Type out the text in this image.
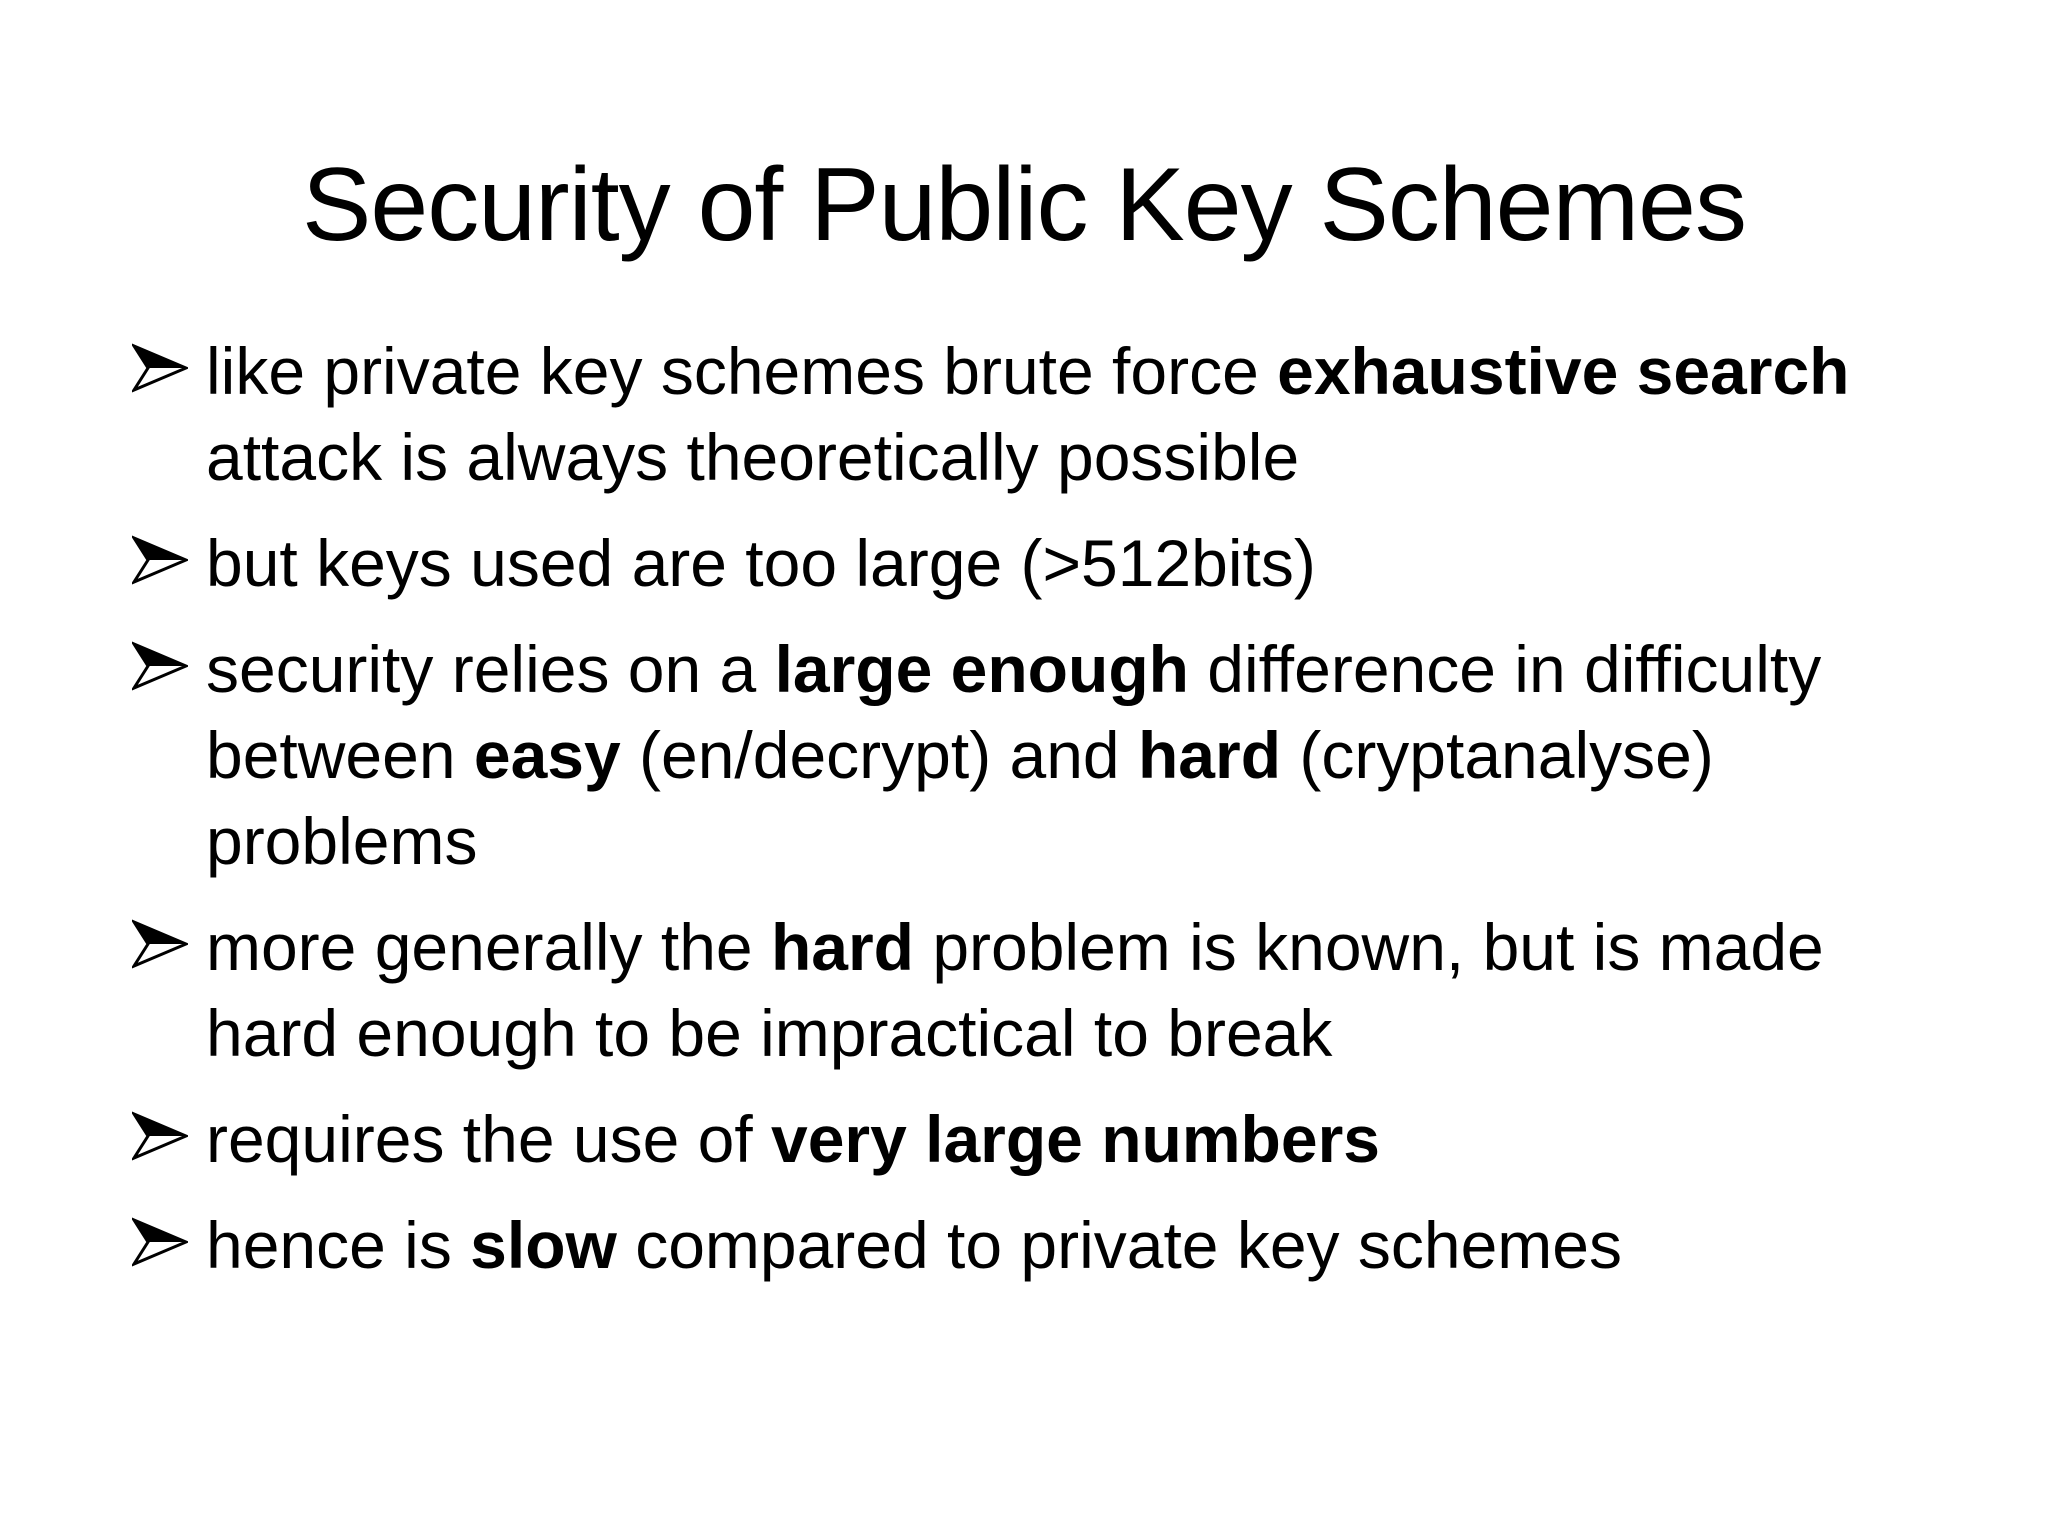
Security of Public Key Schemes
like private key schemes brute force exhaustive search attack is always theoretically possible
but keys used are too large (>512bits)
security relies on a large enough difference in difficulty between easy (en/decrypt) and hard (cryptanalyse) problems
more generally the hard problem is known, but is made hard enough to be impractical to break
requires the use of very large numbers
hence is slow compared to private key schemes
